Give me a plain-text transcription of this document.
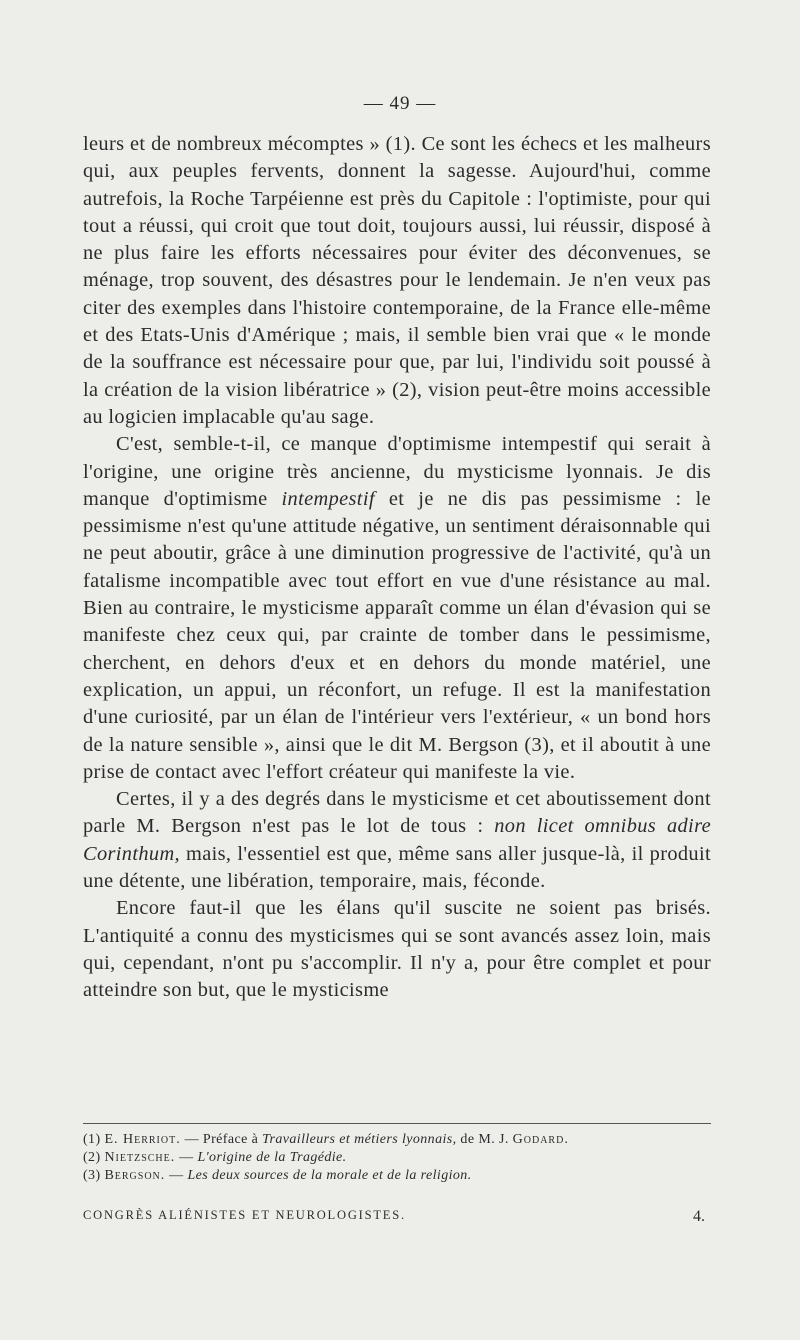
— 49 —

leurs et de nombreux mécomptes » (1). Ce sont les échecs et les malheurs qui, aux peuples fervents, donnent la sagesse. Aujourd'hui, comme autrefois, la Roche Tarpéienne est près du Capitole : l'optimiste, pour qui tout a réussi, qui croit que tout doit, toujours aussi, lui réussir, disposé à ne plus faire les efforts nécessaires pour éviter des déconvenues, se ménage, trop souvent, des désastres pour le lendemain. Je n'en veux pas citer des exemples dans l'histoire contemporaine, de la France elle-même et des Etats-Unis d'Amérique ; mais, il semble bien vrai que « le monde de la souffrance est nécessaire pour que, par lui, l'individu soit poussé à la création de la vision libératrice » (2), vision peut-être moins accessible au logicien implacable qu'au sage.

C'est, semble-t-il, ce manque d'optimisme intempestif qui serait à l'origine, une origine très ancienne, du mysticisme lyonnais. Je dis manque d'optimisme intempestif et je ne dis pas pessimisme : le pessimisme n'est qu'une attitude négative, un sentiment déraisonnable qui ne peut aboutir, grâce à une diminution progressive de l'activité, qu'à un fatalisme incompatible avec tout effort en vue d'une résistance au mal. Bien au contraire, le mysticisme apparaît comme un élan d'évasion qui se manifeste chez ceux qui, par crainte de tomber dans le pessimisme, cherchent, en dehors d'eux et en dehors du monde matériel, une explication, un appui, un réconfort, un refuge. Il est la manifestation d'une curiosité, par un élan de l'intérieur vers l'extérieur, « un bond hors de la nature sensible », ainsi que le dit M. Bergson (3), et il aboutit à une prise de contact avec l'effort créateur qui manifeste la vie.

Certes, il y a des degrés dans le mysticisme et cet aboutissement dont parle M. Bergson n'est pas le lot de tous : non licet omnibus adire Corinthum, mais, l'essentiel est que, même sans aller jusque-là, il produit une détente, une libération, temporaire, mais, féconde.

Encore faut-il que les élans qu'il suscite ne soient pas brisés. L'antiquité a connu des mysticismes qui se sont avancés assez loin, mais qui, cependant, n'ont pu s'accomplir. Il n'y a, pour être complet et pour atteindre son but, que le mysticisme

(1) E. Herriot. — Préface à Travailleurs et métiers lyonnais, de M. J. Godard.

(2) Nietzsche. — L'origine de la Tragédie.

(3) Bergson. — Les deux sources de la morale et de la religion.

CONGRÈS ALIÉNISTES ET NEUROLOGISTES.	4.
